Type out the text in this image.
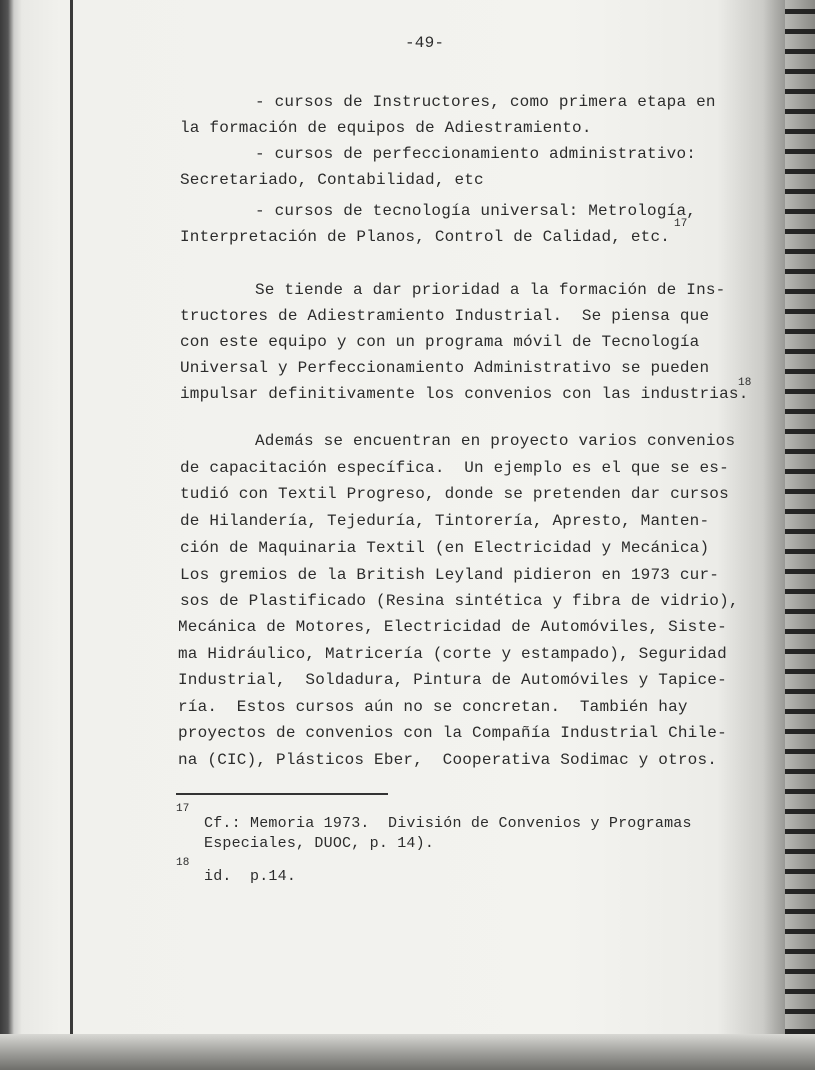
-49-
- cursos de Instructores, como primera etapa en
la formación de equipos de Adiestramiento.
- cursos de perfeccionamiento administrativo:
Secretariado, Contabilidad, etc
- cursos de tecnología universal: Metrología,
Interpretación de Planos, Control de Calidad, etc.
17
Se tiende a dar prioridad a la formación de Ins-
tructores de Adiestramiento Industrial.  Se piensa que
con este equipo y con un programa móvil de Tecnología
Universal y Perfeccionamiento Administrativo se pueden
impulsar definitivamente los convenios con las industrias.
18
Además se encuentran en proyecto varios convenios
de capacitación específica.  Un ejemplo es el que se es-
tudió con Textil Progreso, donde se pretenden dar cursos
de Hilandería, Tejeduría, Tintorería, Apresto, Manten-
ción de Maquinaria Textil (en Electricidad y Mecánica)
Los gremios de la British Leyland pidieron en 1973 cur-
sos de Plastificado (Resina sintética y fibra de vidrio),
Mecánica de Motores, Electricidad de Automóviles, Siste-
ma Hidráulico, Matricería (corte y estampado), Seguridad
Industrial,  Soldadura, Pintura de Automóviles y Tapice-
ría.  Estos cursos aún no se concretan.  También hay
proyectos de convenios con la Compañía Industrial Chile-
na (CIC), Plásticos Eber,  Cooperativa Sodimac y otros.
17
Cf.: Memoria 1973.  División de Convenios y Programas
Especiales, DUOC, p. 14).
18
id.  p.14.
